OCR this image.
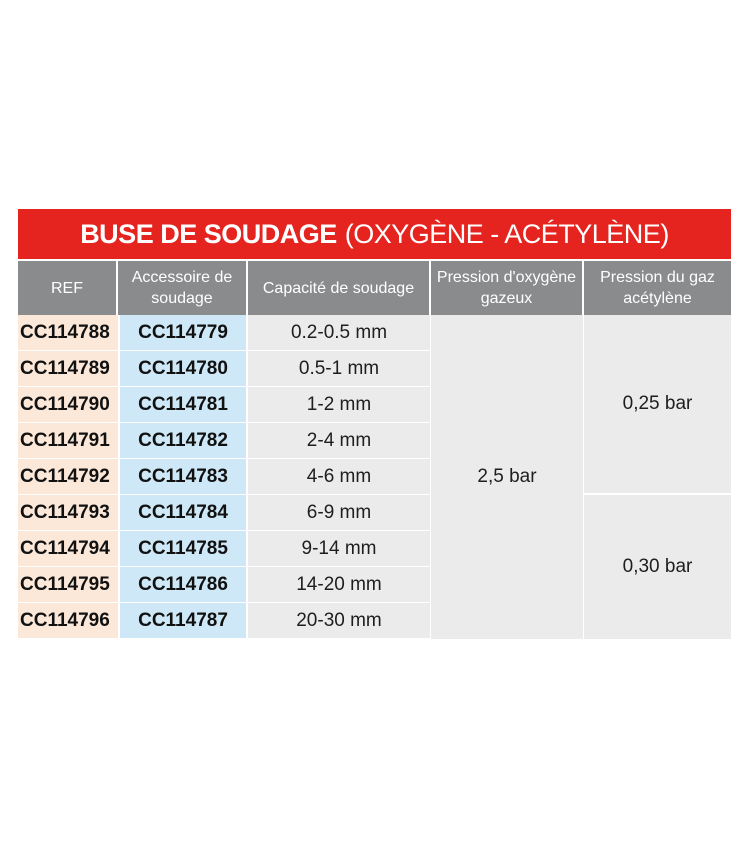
BUSE DE SOUDAGE (OXYGÈNE - ACÉTYLÈNE)
REF	Accessoire de soudage	Capacité de soudage	Pression d'oxygène gazeux	Pression du gaz acétylène
CC114788	CC114779	0.2-0.5 mm	2,5 bar	0,25 bar
CC114789	CC114780	0.5-1 mm		
CC114790	CC114781	1-2 mm		
CC114791	CC114782	2-4 mm		
CC114792	CC114783	4-6 mm		
CC114793	CC114784	6-9 mm		0,30 bar
CC114794	CC114785	9-14 mm		
CC114795	CC114786	14-20 mm		
CC114796	CC114787	20-30 mm		
